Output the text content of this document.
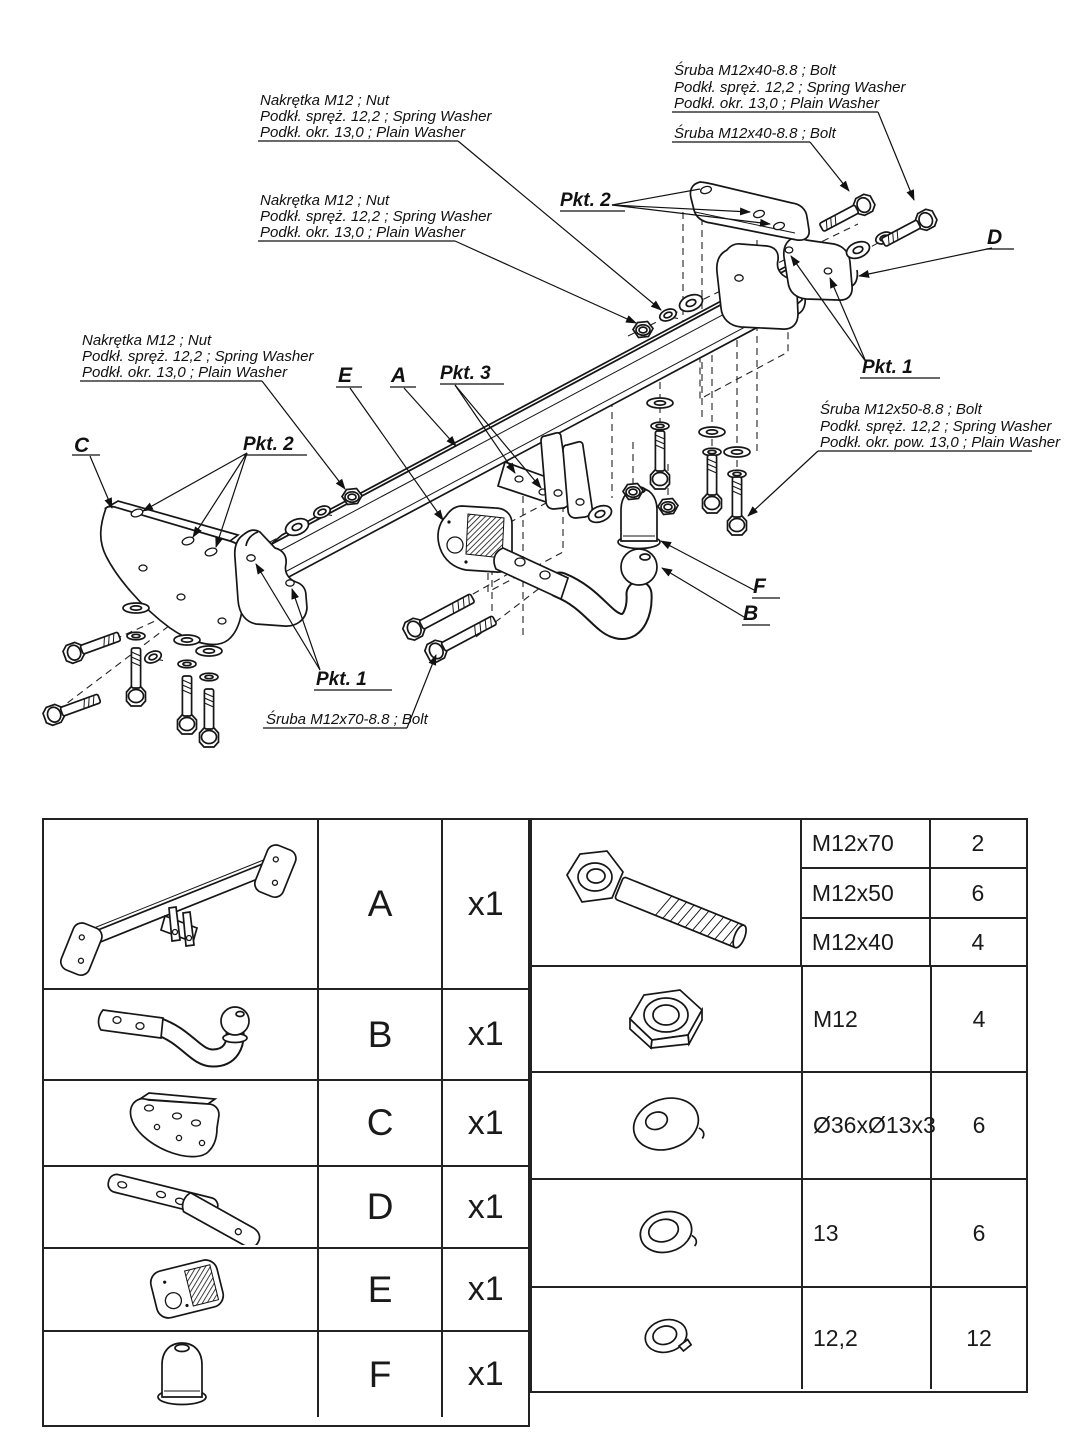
Śruba M12x40-8.8 ; Bolt
Podkł. spręż. 12,2 ; Spring Washer
Podkł. okr. 13,0 ; Plain Washer
Śruba M12x40-8.8 ; Bolt
Nakrętka M12 ; Nut
Podkł. spręż. 12,2 ; Spring Washer
Podkł. okr. 13,0 ; Plain Washer
Nakrętka M12 ; Nut
Podkł. spręż. 12,2 ; Spring Washer
Podkł. okr. 13,0 ; Plain Washer
Nakrętka M12 ; Nut
Podkł. spręż. 12,2 ; Spring Washer
Podkł. okr. 13,0 ; Plain Washer
Śruba M12x50-8.8 ; Bolt
Podkł. spręż. 12,2 ; Spring Washer
Podkł. okr. pow. 13,0 ; Plain Washer
Śruba M12x70-8.8 ; Bolt
Pkt. 2
Pkt. 2
Pkt. 3	Pkt. 1
Pkt. 1
C
E A
D
F
B
A x1
B x1
C x1
D x1
E x1
F x1
M12x70	2
M12x50	6
M12x40	4
M12	4
Ø36xØ13x3 6
13	6
12,2	12
